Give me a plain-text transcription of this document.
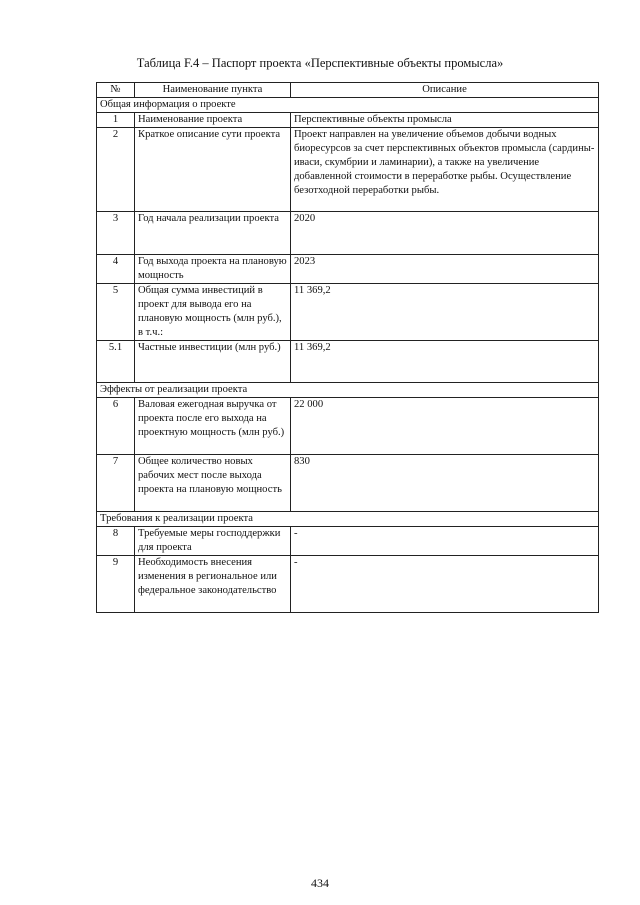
Таблица F.4 – Паспорт проекта «Перспективные объекты промысла»
№	Наименование пункта	Описание
Общая информация о проекте		
1	Наименование проекта	Перспективные объекты промысла
2	Краткое описание сути проекта	Проект направлен на увеличение объемов добычи водных биоресурсов за счет перспективных объектов промысла (сардины-иваси, скумбрии и ламинарии), а также на увеличение добавленной стоимости в переработке рыбы. Осуществление безотходной переработки рыбы.
3	Год начала реализации проекта	2020
4	Год выхода проекта на плановую мощность	2023
5	Общая сумма инвестиций в проект для вывода его на плановую мощность (млн руб.), в т.ч.:	11 369,2
5.1	Частные инвестиции (млн руб.)	11 369,2
Эффекты от реализации проекта		
6	Валовая ежегодная выручка от проекта после его выхода на проектную мощность (млн руб.)	22 000
7	Общее количество новых рабочих мест после выхода проекта на плановую мощность	830
Требования к реализации проекта		
8	Требуемые меры господдержки для проекта	-
9	Необходимость внесения изменения в региональное или федеральное законодательство	-
434
